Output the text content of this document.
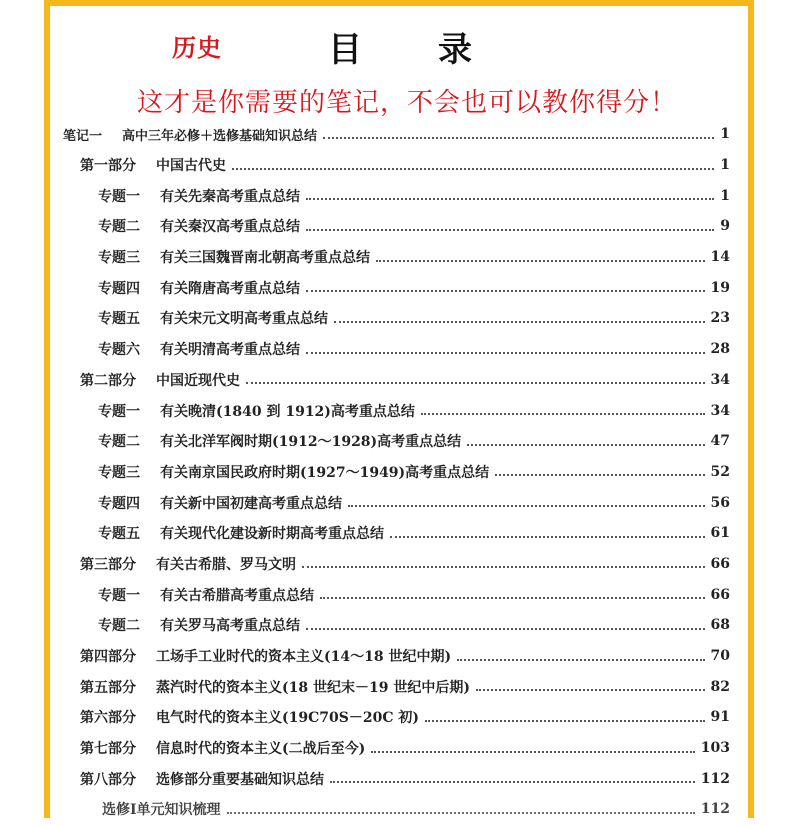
历史	目 录
这才是你需要的笔记，不会也可以教你得分！
笔记一 高中三年必修＋选修基础知识总结	1
第一部分 中国古代史	1
专题一 有关先秦高考重点总结	1
专题二 有关秦汉高考重点总结	9
专题三 有关三国魏晋南北朝高考重点总结	14
专题四 有关隋唐高考重点总结	19
专题五 有关宋元文明高考重点总结	23
专题六 有关明清高考重点总结	28
第二部分 中国近现代史	34
专题一 有关晚清(1840 到 1912)高考重点总结	34
专题二 有关北洋军阀时期(1912～1928)高考重点总结	47
专题三 有关南京国民政府时期(1927～1949)高考重点总结	52
专题四 有关新中国初建高考重点总结	56
专题五 有关现代化建设新时期高考重点总结	61
第三部分 有关古希腊、罗马文明	66
专题一 有关古希腊高考重点总结	66
专题二 有关罗马高考重点总结	68
第四部分 工场手工业时代的资本主义(14～18 世纪中期)	70
第五部分 蒸汽时代的资本主义(18 世纪末－19 世纪中后期)	82
第六部分 电气时代的资本主义(19C70S－20C 初)	91
第七部分 信息时代的资本主义(二战后至今)	103
第八部分 选修部分重要基础知识总结	112
选修Ⅰ单元知识梳理	112
